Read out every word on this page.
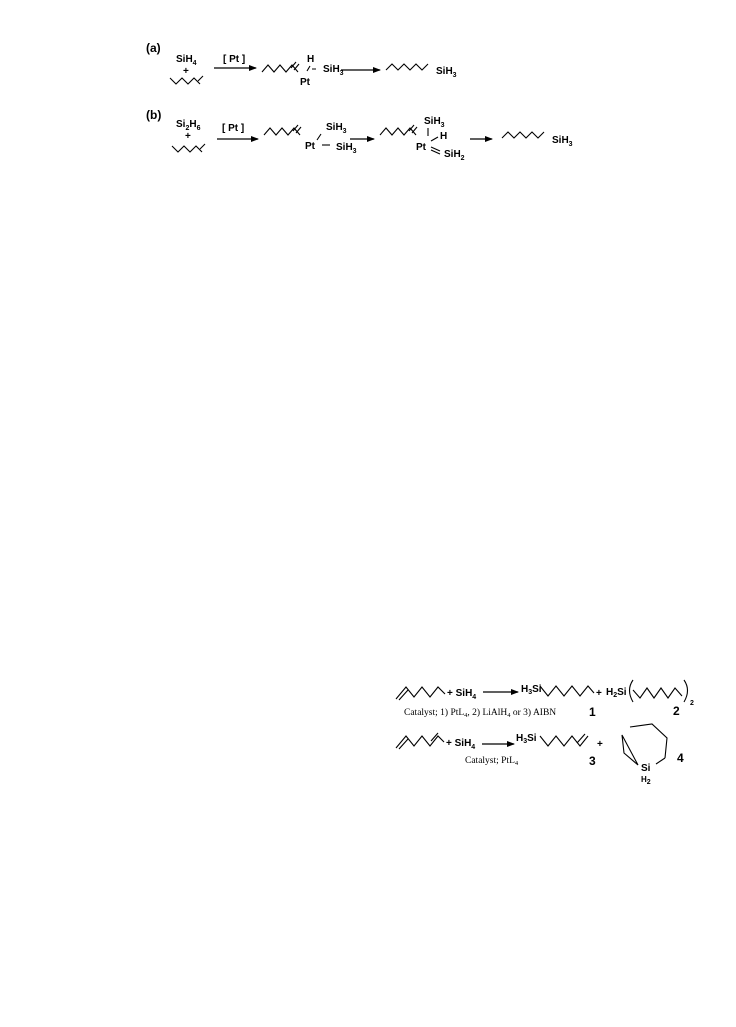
(a)
SiH$_4$
+
[ Pt ]	H
Pt
SiH$_3$	SiH$_3$
(b)
$Si_2H_6$
+
[ Pt ]	SiH$_3$
Pt SiH$_3$
SiH$_3$
H
Pt
SiH$_2$
SiH$_3$
+ SiH$_4$
$H_3Si$	+ $H_2Si$
2
Catalyst; 1) PtL$_4$, 2) LiAlH$_4$ or 3) AIBN	1	2
+ SiH$_4$
$H_3Si$
+
Catalyst; PtL$_4$	3
Si
H2
4
